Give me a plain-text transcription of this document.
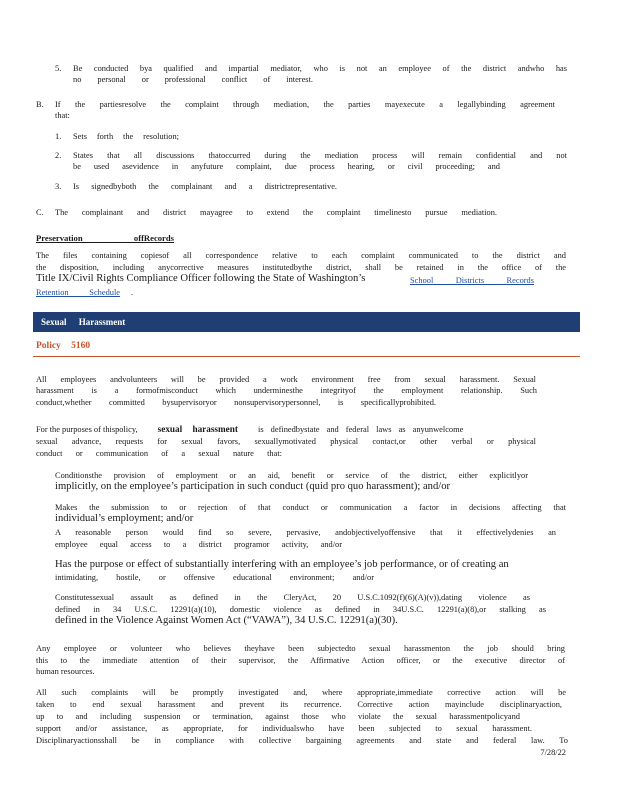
5. Be conducted bya qualified and impartial mediator, who is not an employee of the district andwho has
no personal or professional conflict of interest.
B. If the partiesresolve the complaint through mediation, the parties mayexecute a legallybinding agreement
that:
1. Sets forth the resolution;
2. States that all discussions thatoccurred during the mediation process will remain confidential and not
be used asevidence in anyfuture complaint, due process hearing, or civil proceeding; and
3. Is signedbyboth the complainant and a districtrepresentative.
C. The complainant and district mayagree to extend the complaint timelinesto pursue mediation.
Preservation offRecords
The files containing copiesof all correspondence relative to each complaint communicated to the district and
the disposition, including anycorrective measures institutedbythe district, shall be retained in the office of the
Title IX/Civil Rights Compliance Officer following the State of Washington’s	School Districts Records
Retention Schedule .
Sexual Harassment
Policy 5160
All employees andvolunteers will be provided a work environment free from sexual harassment. Sexual
harassment is a formofmisconduct which underminesthe integrityof the employment relationship. Such
conduct,whether committed bysupervisoryor nonsupervisorypersonnel, is specificallyprohibited.
For the purposes of thispolicy, sexual harassment is definedbystate and federal laws as anyunwelcome
sexual advance, requests for sexual favors, sexuallymotivated physical contact,or other verbal or physical
conduct or communication of a sexual nature that:
Conditionsthe provision of employment or an aid, benefit or service of the district, either explicitlyor
implicitly, on the employee’s participation in such conduct (quid pro quo harassment); and/or
Makes the submission to or rejection of that conduct or communication a factor in decisions affecting that
individual’s employment; and/or
A reasonable person would find so severe, pervasive, andobjectivelyoffensive that it effectivelydenies an
employee equal access to a district programor activity, and/or
Has the purpose or effect of substantially interfering with an employee’s job performance, or of creating an
intimidating, hostile, or offensive educational environment; and/or
Constitutessexual assault as defined in the CleryAct, 20 U.S.C.1092(f)(6)(A)(v)),dating violence as
defined in 34 U.S.C. 12291(a)(10), domestic violence as defined in 34U.S.C. 12291(a)(8),or stalking as
defined in the Violence Against Women Act (“VAWA”), 34 U.S.C. 12291(a)(30).
Any employee or volunteer who believes theyhave been subjectedto sexual harassmenton the job should bring
this to the immediate attention of their supervisor, the Affirmative Action officer, or the executive director of
human resources.
All such complaints will be promptly investigated and, where appropriate,immediate corrective action will be
taken to end sexual harassment and prevent its recurrence. Corrective action mayinclude disciplinaryaction,
up to and including suspension or termination, against those who violate the sexual harassmentpolicyand
support and/or assistance, as appropriate, for individualswho have been subjected to sexual harassment.
Disciplinaryactionsshall be in compliance with collective bargaining agreements and state and federal law. To
7/28/22
